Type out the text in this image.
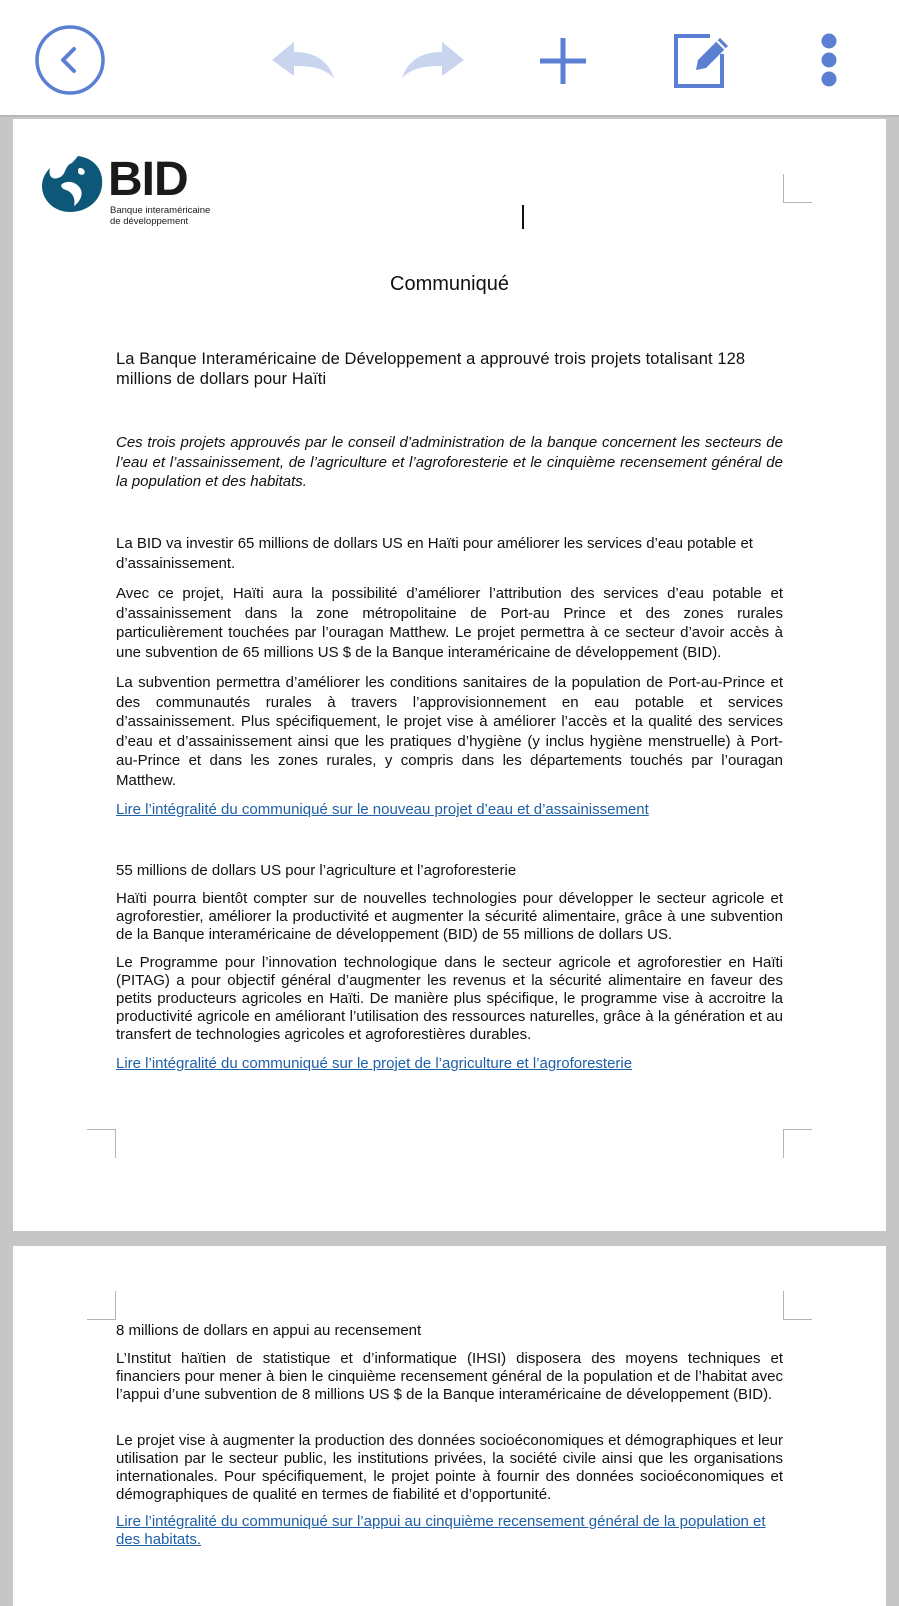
BID
Banque interaméricaine
de développement
Communiqué
La Banque Interaméricaine de Développement a approuvé trois projets totalisant 128 millions de dollars pour Haïti
Ces trois projets approuvés par le conseil d’administration de la banque concernent les secteurs de l’eau et l’assainissement, de l’agriculture et l’agroforesterie et le cinquième recensement général de la population et des habitats.
La BID va investir 65 millions de dollars US en Haïti pour améliorer les services d’eau potable et d’assainissement.
Avec ce projet, Haïti aura la possibilité d’améliorer l’attribution des services d’eau potable et d’assainissement dans la zone métropolitaine de Port-au Prince et des zones rurales particulièrement touchées par l’ouragan Matthew. Le projet permettra à ce secteur d’avoir accès à une subvention de 65 millions US $ de la Banque interaméricaine de développement (BID).
La subvention permettra d’améliorer les conditions sanitaires de la population de Port-au-Prince et des communautés rurales à travers l’approvisionnement en eau potable et services d’assainissement. Plus spécifiquement, le projet vise à améliorer l’accès et la qualité des services d’eau et d’assainissement ainsi que les pratiques d’hygiène (y inclus hygiène menstruelle) à Port-au-Prince et dans les zones rurales, y compris dans les départements touchés par l’ouragan Matthew.
Lire l’intégralité du communiqué sur le nouveau projet d’eau et d’assainissement
55 millions de dollars US pour l’agriculture et l’agroforesterie
Haïti pourra bientôt compter sur de nouvelles technologies pour développer le secteur agricole et agroforestier, améliorer la productivité et augmenter la sécurité alimentaire, grâce à une subvention de la Banque interaméricaine de développement (BID) de 55 millions de dollars US.
Le Programme pour l’innovation technologique dans le secteur agricole et agroforestier en Haïti (PITAG) a pour objectif général d’augmenter les revenus et la sécurité alimentaire en faveur des petits producteurs agricoles en Haïti. De manière plus spécifique, le programme vise à accroitre la productivité agricole en améliorant l’utilisation des ressources naturelles, grâce à la génération et au transfert de technologies agricoles et agroforestières durables.
Lire l’intégralité du communiqué sur le projet de l’agriculture et l’agroforesterie
8 millions de dollars en appui au recensement
L’Institut haïtien de statistique et d’informatique (IHSI) disposera des moyens techniques et financiers pour mener à bien le cinquième recensement général de la population et de l’habitat avec l’appui d’une subvention de 8 millions US $ de la Banque interaméricaine de développement (BID).
Le projet vise à augmenter la production des données socioéconomiques et démographiques et leur utilisation par le secteur public, les institutions privées, la société civile ainsi que les organisations internationales. Pour spécifiquement, le projet pointe à fournir des données socioéconomiques et démographiques de qualité en termes de fiabilité et d’opportunité.
Lire l’intégralité du communiqué sur l’appui au cinquième recensement général de la population et des habitats.
